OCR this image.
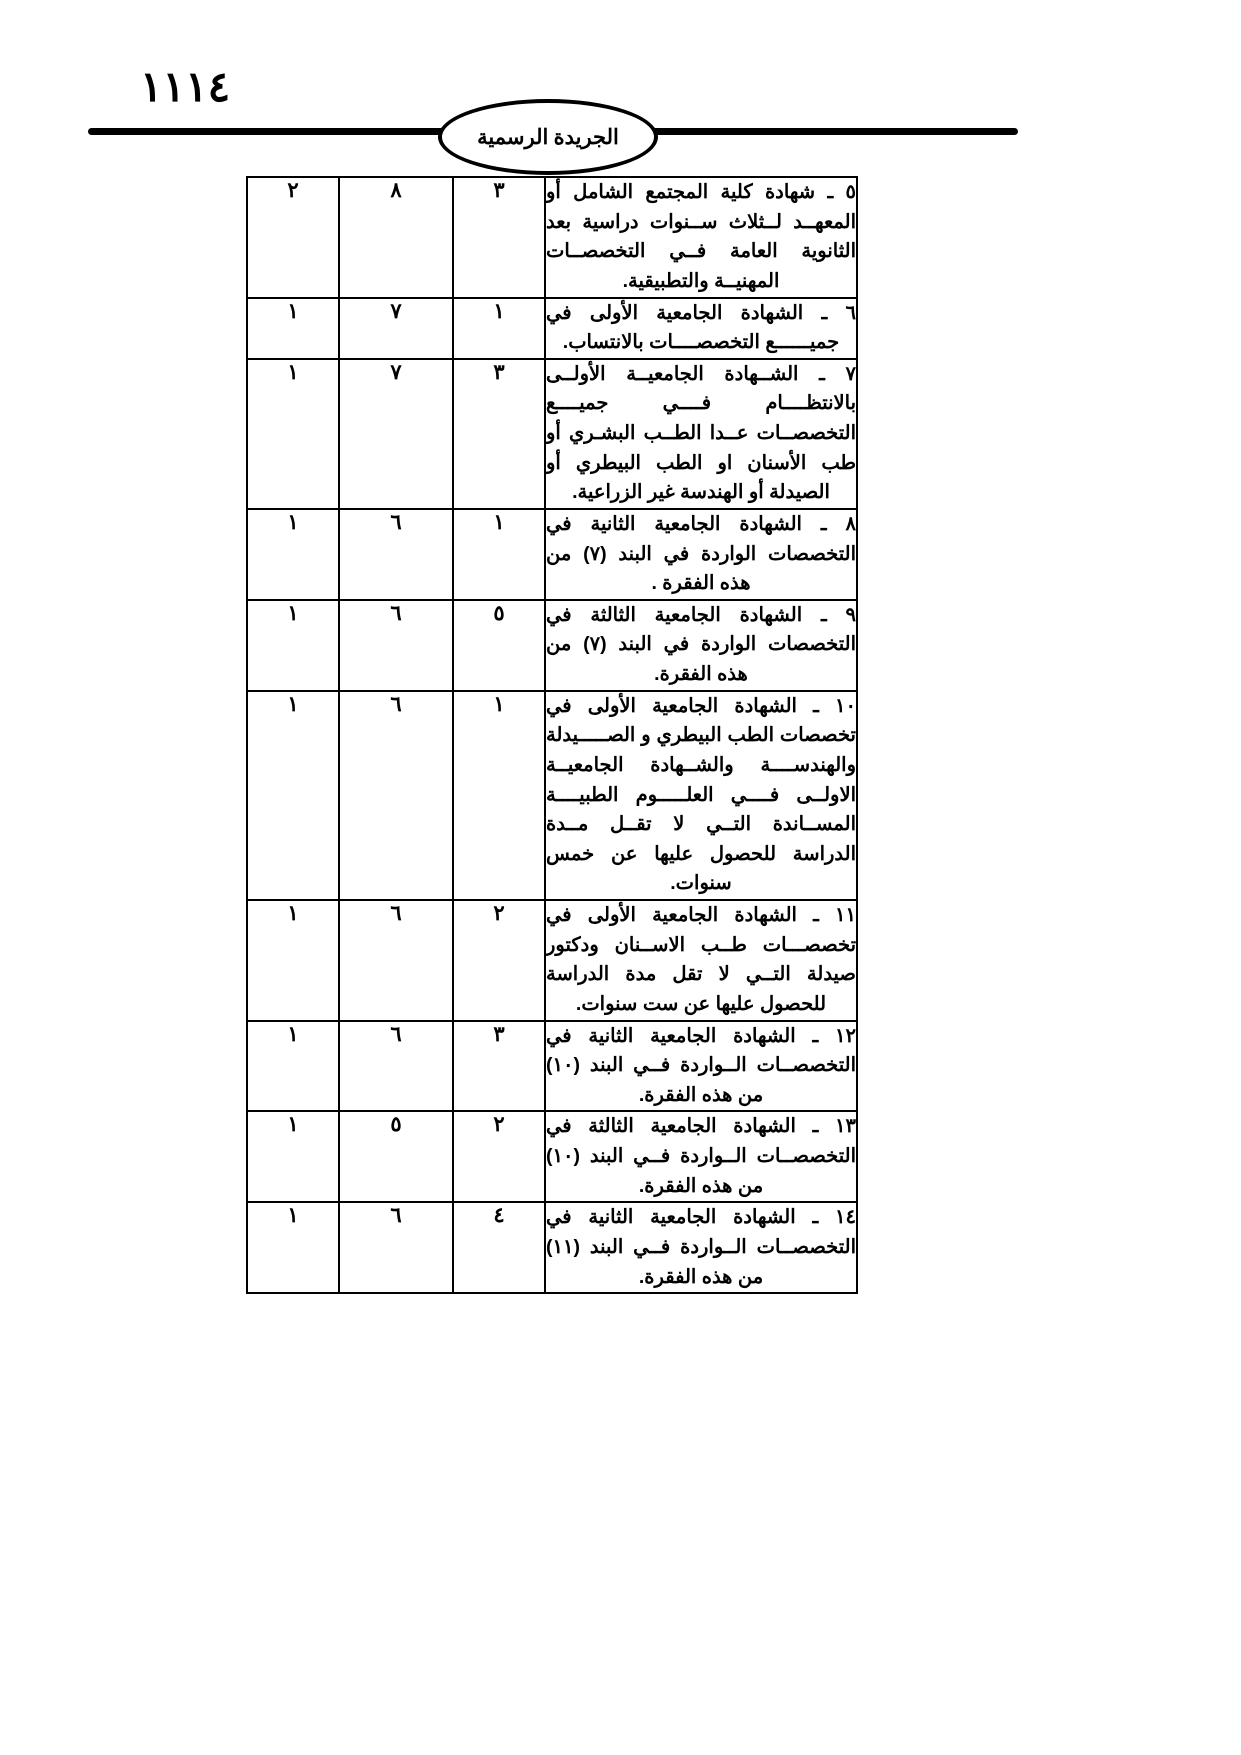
١١١٤
الجريدة الرسمية
٥ ـ شهادة كلية المجتمع الشامل أو المعهــد لــثلاث ســنوات دراسية بعد الثانوية العامة فــي التخصصــات المهنيــة والتطبيقية.	٣	٨	٢
٦ ـ الشهادة الجامعية الأولى في جميــــــع التخصصــــات بالانتساب.	١	٧	١
٧ ـ الشــهادة الجامعيــة الأولــى بالانتظــــام فــــي جميــــع التخصصــات عــدا الطــب البشـري أو طب الأسنان او الطب البيطري أو الصيدلة أو الهندسة غير الزراعية.	٣	٧	١
٨ ـ الشهادة الجامعية الثانية في التخصصات الواردة في البند (٧) من هذه الفقرة .	١	٦	١
٩ ـ الشهادة الجامعية الثالثة في التخصصات الواردة في البند (٧) من هذه الفقرة.	٥	٦	١
١٠ ـ الشهادة الجامعية الأولى في تخصصات الطب البيطري و الصـــــيدلة والهندســــة والشــهادة الجامعيــة الاولــى فــــي العلـــــوم الطبيــــة المســاندة التــي لا تقــل مــدة الدراسة للحصول عليها عن خمس سنوات.	١	٦	١
١١ ـ الشهادة الجامعية الأولى في تخصصـــات طــب الاســنان ودكتور صيدلة التــي لا تقل مدة الدراسة للحصول عليها عن ست سنوات.	٢	٦	١
١٢ ـ الشهادة الجامعية الثانية في التخصصــات الــواردة فــي البند (١٠) من هذه الفقرة.	٣	٦	١
١٣ ـ الشهادة الجامعية الثالثة في التخصصــات الــواردة فــي البند (١٠) من هذه الفقرة.	٢	٥	١
١٤ ـ الشهادة الجامعية الثانية في التخصصــات الــواردة فــي البند (١١) من هذه الفقرة.	٤	٦	١
